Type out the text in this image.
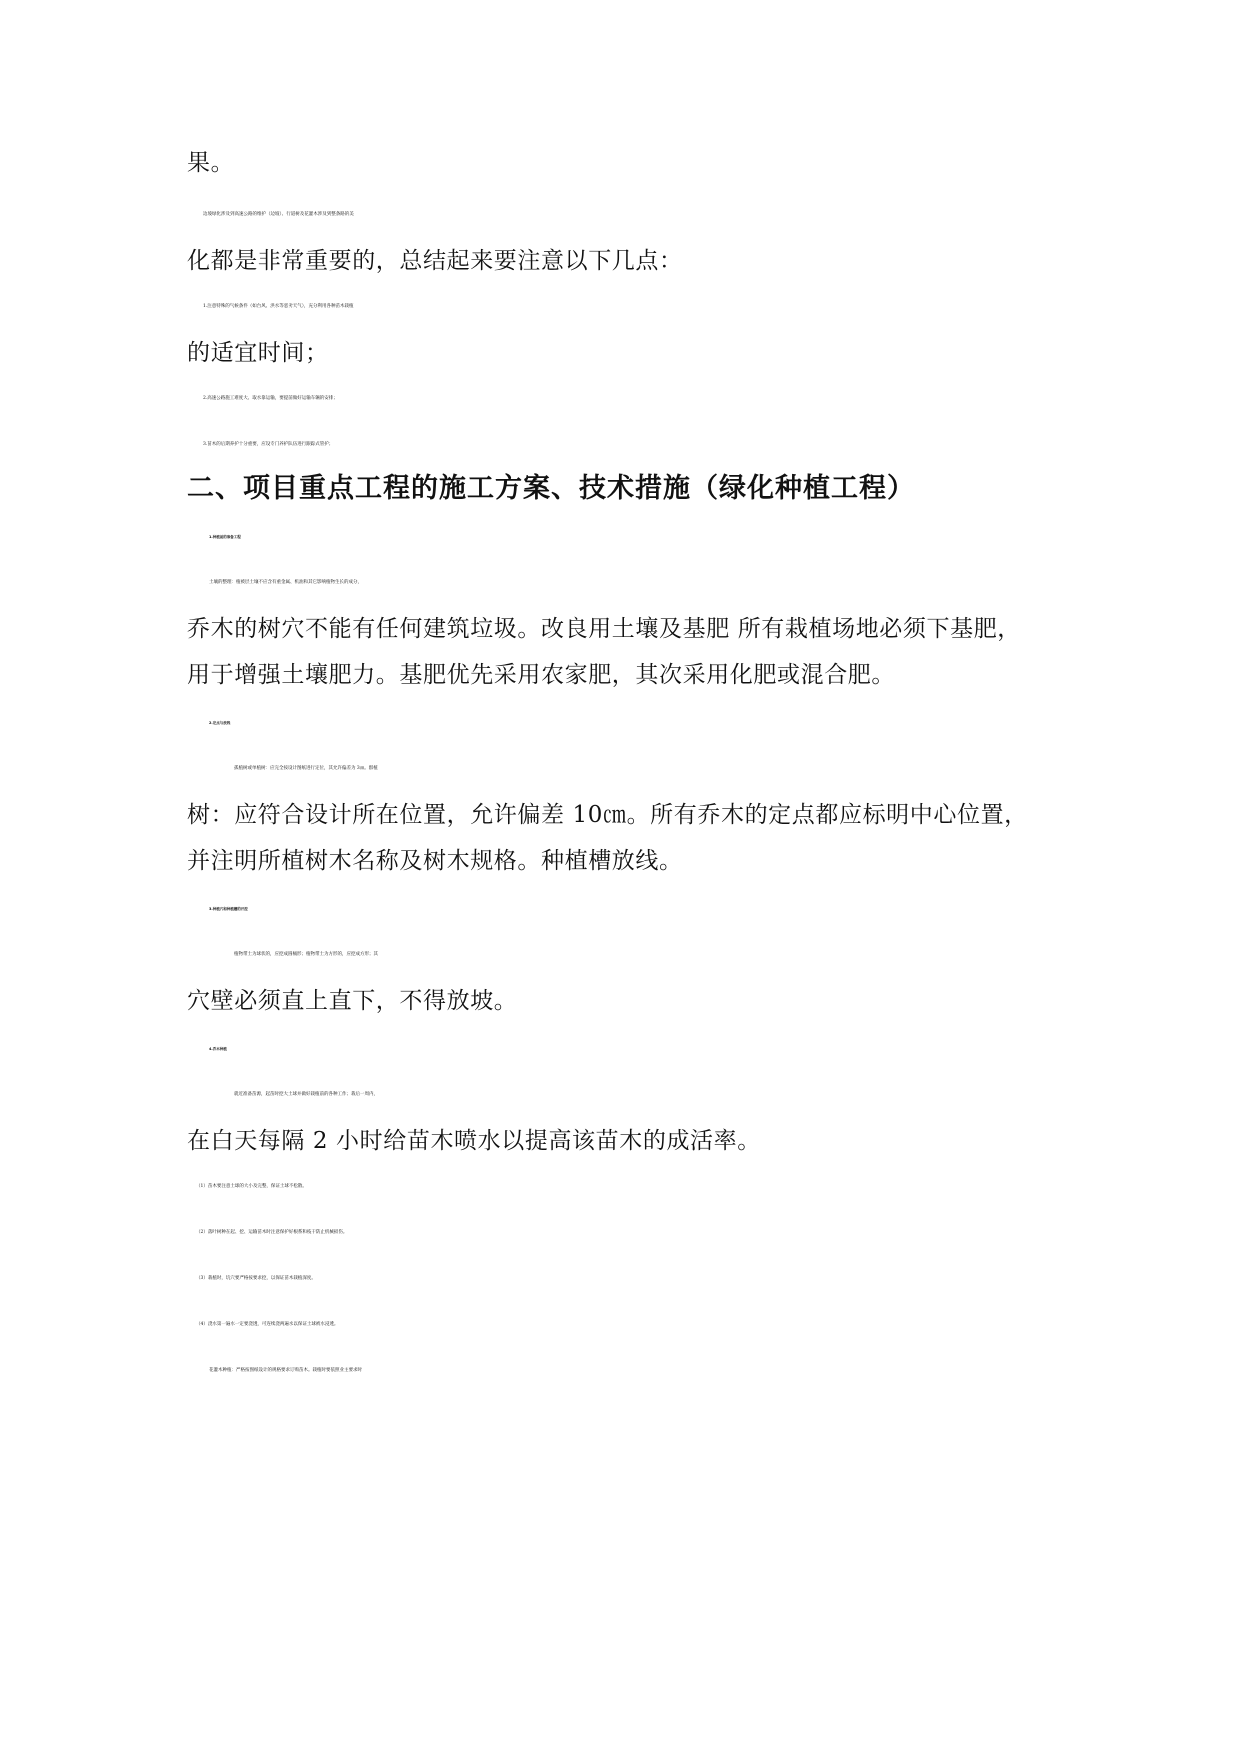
果。
边坡绿化涉及到高速公路的维护（边坡）、行道树及花灌木涉及到整条路的美
化都是非常重要的，总结起来要注意以下几点：
1.注意特殊的气候条件（如台风、洪水等恶劣天气），充分利用各种苗木栽植
的适宜时间；
2.高速公路施工难度大、取水靠运输，要提前做好运输车辆的安排；
3.苗木的后期养护十分重要，应设专门养护队伍进行跟踪式管护；
二、项目重点工程的施工方案、技术措施（绿化种植工程）
1.种植前的准备工程
土壤的整理：植被层土壤不应含有重金属、机油和其它影响植物生长的成分，
乔木的树穴不能有任何建筑垃圾。改良用土壤及基肥 所有栽植场地必须下基肥，
用于增强土壤肥力。基肥优先采用农家肥，其次采用化肥或混合肥。
2.定点与放线
孤植树或单植树：应完全按设计图纸进行定位，其允许偏差为 3㎝。群植
树：应符合设计所在位置，允许偏差 10㎝。所有乔木的定点都应标明中心位置，
并注明所植树木名称及树木规格。种植槽放线。
3.种植穴和种植槽的开挖
植物带土为球状的，应挖成圆桶形；植物带土为方形的，应挖成方形；其
穴壁必须直上直下，不得放坡。
4.乔木种植
就近准备苗源，起苗时挖大土球并做好栽植前的各种工作；栽后一周内，
在白天每隔 2 小时给苗木喷水以提高该苗木的成活率。
（1）苗木要注意土球的大小及完整，保证土球不松散。
（2）落叶树种在起、挖、运输苗木时注意保护好根系和枝干防止机械损伤。
（3）栽植时，坑穴要严格按要求挖，以保证苗木栽植深度。
（4）浇水第一遍水一定要浇透，可连续浇两遍水以保证土球被水浸透。
花灌木种植：严格按图纸设计的规格要求订购苗木。栽植时要依照业主要求时
